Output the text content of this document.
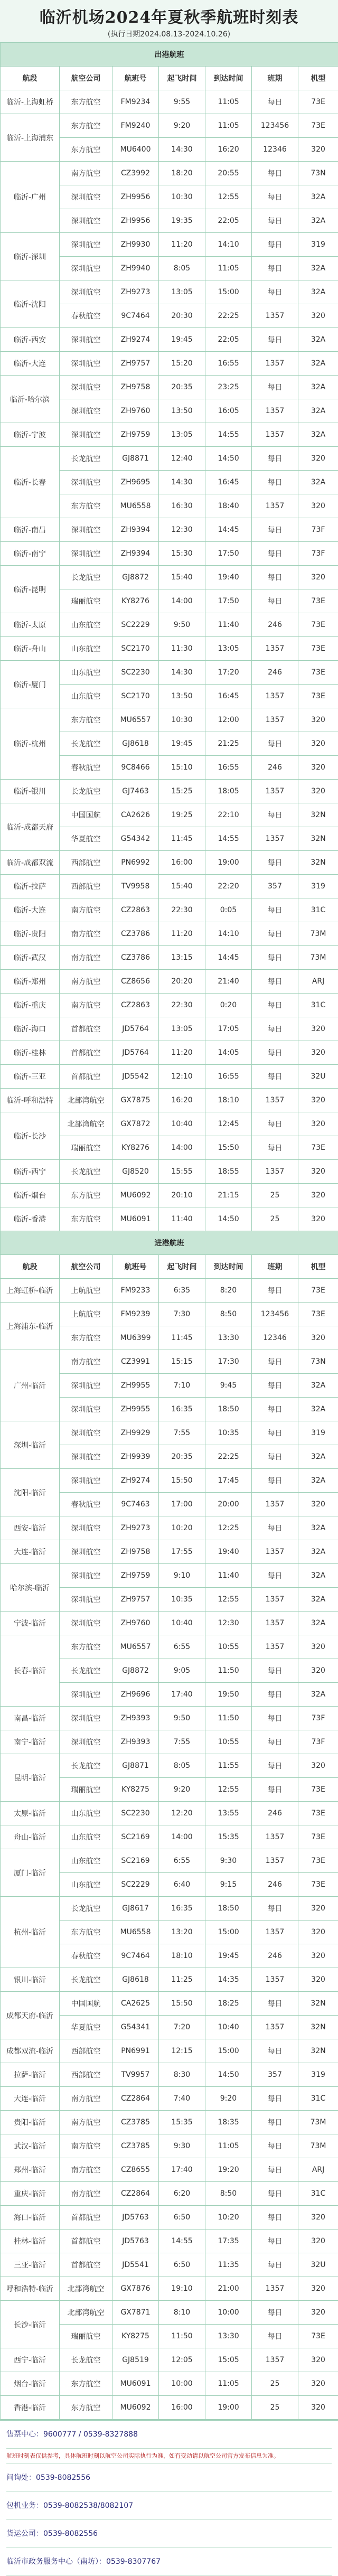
临沂机场2024年夏秋季航班时刻表
(执行日期2024.08.13-2024.10.26)
出港航班						
航段	航空公司	航班号	起飞时间	到达时间	班期	机型
临沂-上海虹桥	东方航空	FM9234	9:55	11:05	每日	73E
临沂-上海浦东	东方航空	FM9240	9:20	11:05	123456	73E
	东方航空	MU6400	14:30	16:20	12346	320
临沂-广州	南方航空	CZ3992	18:20	20:55	每日	73N
	深圳航空	ZH9956	10:30	12:55	每日	32A
	深圳航空	ZH9956	19:35	22:05	每日	32A
临沂-深圳	深圳航空	ZH9930	11:20	14:10	每日	319
	深圳航空	ZH9940	8:05	11:05	每日	32A
临沂-沈阳	深圳航空	ZH9273	13:05	15:00	每日	32A
	春秋航空	9C7464	20:30	22:25	1357	320
临沂-西安	深圳航空	ZH9274	19:45	22:05	每日	32A
临沂-大连	深圳航空	ZH9757	15:20	16:55	1357	32A
临沂-哈尔滨	深圳航空	ZH9758	20:35	23:25	每日	32A
	深圳航空	ZH9760	13:50	16:05	1357	32A
临沂-宁波	深圳航空	ZH9759	13:05	14:55	1357	32A
临沂-长春	长龙航空	GJ8871	12:40	14:50	每日	320
	深圳航空	ZH9695	14:30	16:45	每日	32A
	东方航空	MU6558	16:30	18:40	1357	320
临沂-南昌	深圳航空	ZH9394	12:30	14:45	每日	73F
临沂-南宁	深圳航空	ZH9394	15:30	17:50	每日	73F
临沂-昆明	长龙航空	GJ8872	15:40	19:40	每日	320
	瑞丽航空	KY8276	14:00	17:50	每日	73E
临沂-太原	山东航空	SC2229	9:50	11:40	246	73E
临沂-舟山	山东航空	SC2170	11:30	13:05	1357	73E
临沂-厦门	山东航空	SC2230	14:30	17:20	246	73E
	山东航空	SC2170	13:50	16:45	1357	73E
临沂-杭州	东方航空	MU6557	10:30	12:00	1357	320
	长龙航空	GJ8618	19:45	21:25	每日	320
	春秋航空	9C8466	15:10	16:55	246	320
临沂-银川	长龙航空	GJ7463	15:25	18:05	1357	320
临沂-成都天府	中国国航	CA2626	19:25	22:10	每日	32N
	华夏航空	G54342	11:45	14:55	1357	32N
临沂-成都双流	西部航空	PN6992	16:00	19:00	每日	32N
临沂-拉萨	西部航空	TV9958	15:40	22:20	357	319
临沂-大连	南方航空	CZ2863	22:30	0:05	每日	31C
临沂-贵阳	南方航空	CZ3786	11:20	14:10	每日	73M
临沂-武汉	南方航空	CZ3786	13:15	14:45	每日	73M
临沂-郑州	南方航空	CZ8656	20:20	21:40	每日	ARJ
临沂-重庆	南方航空	CZ2863	22:30	0:20	每日	31C
临沂-海口	首都航空	JD5764	13:05	17:05	每日	320
临沂-桂林	首都航空	JD5764	11:20	14:05	每日	320
临沂-三亚	首都航空	JD5542	12:10	16:55	每日	32U
临沂-呼和浩特	北部湾航空	GX7875	16:20	18:10	1357	320
临沂-长沙	北部湾航空	GX7872	10:40	12:45	每日	320
	瑞丽航空	KY8276	14:00	15:50	每日	73E
临沂-西宁	长龙航空	GJ8520	15:55	18:55	1357	320
临沂-烟台	东方航空	MU6092	20:10	21:15	25	320
临沂-香港	东方航空	MU6091	11:40	14:50	25	320
进港航班						
航段	航空公司	航班号	起飞时间	到达时间	班期	机型
上海虹桥-临沂	上航航空	FM9233	6:35	8:20	每日	73E
上海浦东-临沂	上航航空	FM9239	7:30	8:50	123456	73E
	东方航空	MU6399	11:45	13:30	12346	320
广州-临沂	南方航空	CZ3991	15:15	17:30	每日	73N
	深圳航空	ZH9955	7:10	9:45	每日	32A
	深圳航空	ZH9955	16:35	18:50	每日	32A
深圳-临沂	深圳航空	ZH9929	7:55	10:35	每日	319
	深圳航空	ZH9939	20:35	22:25	每日	32A
沈阳-临沂	深圳航空	ZH9274	15:50	17:45	每日	32A
	春秋航空	9C7463	17:00	20:00	1357	320
西安-临沂	深圳航空	ZH9273	10:20	12:25	每日	32A
大连-临沂	深圳航空	ZH9758	17:55	19:40	1357	32A
哈尔滨-临沂	深圳航空	ZH9759	9:10	11:40	每日	32A
	深圳航空	ZH9757	10:35	12:55	1357	32A
宁波-临沂	深圳航空	ZH9760	10:40	12:30	1357	32A
长春-临沂	东方航空	MU6557	6:55	10:55	1357	320
	长龙航空	GJ8872	9:05	11:50	每日	320
	深圳航空	ZH9696	17:40	19:50	每日	32A
南昌-临沂	深圳航空	ZH9393	9:50	11:50	每日	73F
南宁-临沂	深圳航空	ZH9393	7:55	10:55	每日	73F
昆明-临沂	长龙航空	GJ8871	8:05	11:55	每日	320
	瑞丽航空	KY8275	9:20	12:55	每日	73E
太原-临沂	山东航空	SC2230	12:20	13:55	246	73E
舟山-临沂	山东航空	SC2169	14:00	15:35	1357	73E
厦门-临沂	山东航空	SC2169	6:55	9:30	1357	73E
	山东航空	SC2229	6:40	9:15	246	73E
杭州-临沂	长龙航空	GJ8617	16:35	18:50	每日	320
	东方航空	MU6558	13:20	15:00	1357	320
	春秋航空	9C7464	18:10	19:45	246	320
银川-临沂	长龙航空	GJ8618	11:25	14:35	1357	320
成都天府-临沂	中国国航	CA2625	15:50	18:25	每日	32N
	华夏航空	G54341	7:20	10:40	1357	32N
成都双流-临沂	西部航空	PN6991	12:15	15:00	每日	32N
拉萨-临沂	西部航空	TV9957	8:30	14:50	357	319
大连-临沂	南方航空	CZ2864	7:40	9:20	每日	31C
贵阳-临沂	南方航空	CZ3785	15:35	18:35	每日	73M
武汉-临沂	南方航空	CZ3785	9:30	11:05	每日	73M
郑州-临沂	南方航空	CZ8655	17:40	19:20	每日	ARJ
重庆-临沂	南方航空	CZ2864	6:20	8:50	每日	31C
海口-临沂	首都航空	JD5763	6:50	10:20	每日	320
桂林-临沂	首都航空	JD5763	14:55	17:35	每日	320
三亚-临沂	首都航空	JD5541	6:50	11:35	每日	32U
呼和浩特-临沂	北部湾航空	GX7876	19:10	21:00	1357	320
长沙-临沂	北部湾航空	GX7871	8:10	10:00	每日	320
	瑞丽航空	KY8275	11:50	13:30	每日	73E
西宁-临沂	长龙航空	GJ8519	12:05	15:05	1357	320
烟台-临沂	东方航空	MU6091	10:00	11:05	25	320
香港-临沂	东方航空	MU6092	16:00	19:00	25	320
售票中心：9600777 / 0539-8327888
航班时刻表仅供参考，具体航班时刻以航空公司实际执行为准，如有变动请以航空公司官方发布信息为准。
问询处：0539-8082556
包机业务：0539-8082538/8082107
货运公司：0539-8082556
临沂市政务服务中心（南坊）：0539-8307767
